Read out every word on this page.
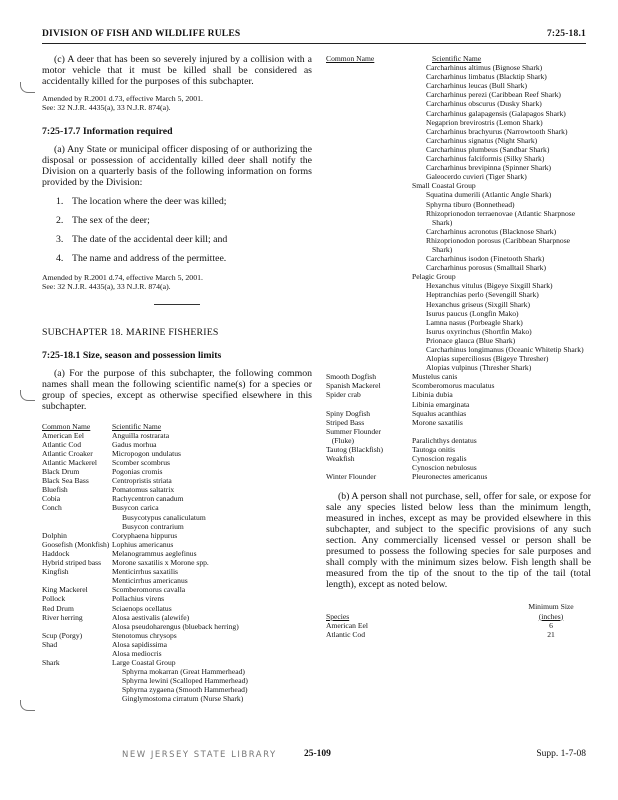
DIVISION OF FISH AND WILDLIFE RULES	7:25-18.1

(c) A deer that has been so severely injured by a collision with a motor vehicle that it must be killed shall be considered as accidentally killed for the purposes of this subchapter.

Amended by R.2001 d.73, effective March 5, 2001.
See: 32 N.J.R. 4435(a), 33 N.J.R. 874(a).
7:25-17.7 Information required

(a) Any State or municipal officer disposing of or authorizing the disposal or possession of accidentally killed deer shall notify the Division on a quarterly basis of the following information on forms provided by the Division:

1. The location where the deer was killed;
2. The sex of the deer;
3. The date of the accidental deer kill; and
4. The name and address of the permittee.
Amended by R.2001 d.74, effective March 5, 2001.
See: 32 N.J.R. 4435(a), 33 N.J.R. 874(a).
SUBCHAPTER 18. MARINE FISHERIES
7:25-18.1 Size, season and possession limits

(a) For the purpose of this subchapter, the following common names shall mean the following scientific name(s) for a species or group of species, except as otherwise specified elsewhere in this subchapter.

Common Name	Scientific Name
American Eel	Anguilla rostrarata
Atlantic Cod	Gadus morhua
Atlantic Croaker	Micropogon undulatus
Atlantic Mackerel	Scomber scombrus
Black Drum	Pogonias cromis
Black Sea Bass	Centropristis striata
Bluefish	Pomatomus saltatrix
Cobia	Rachycentron canadum
Conch	Busycon carica
Busycotypus canaliculatum
Busycon contrarium
Dolphin	Coryphaena hippurus
Goosefish (Monkfish) Lophius americanus
Haddock	Melanogrammus aeglefinus
Hybrid striped bass	Morone saxatilis x Morone spp.
Kingfish	Menticirrhus saxatilis
Menticirrhus americanus
King Mackerel	Scomberomorus cavalla
Pollock	Pollachius virens
Red Drum	Sciaenops ocellatus
River herring	Alosa aestivalis (alewife)
Alosa pseudoharengus (blueback herring)
Scup (Porgy)	Stenotomus chrysops
Shad	Alosa sapidissima
Alosa mediocris
Shark	Large Coastal Group
Sphyrna mokarran (Great Hammerhead)
Sphyrna lewini (Scalloped Hammerhead)
Sphyrna zygaena (Smooth Hammerhead)
Ginglymostoma cirratum (Nurse Shark)
Common Name	Scientific Name
Carcharhinus altimus (Bignose Shark)
Carcharhinus limbatus (Blacktip Shark)
Carcharhinus leucas (Bull Shark)
Carcharhinus perezi (Caribbean Reef Shark)
Carcharhinus obscurus (Dusky Shark)
Carcharhinus galapagensis (Galapagos Shark)
Negaprion brevirostris (Lemon Shark)
Carcharhinus brachyurus (Narrowtooth Shark)
Carcharhinus signatus (Night Shark)
Carcharhinus plumbeus (Sandbar Shark)
Carcharhinus falciformis (Silky Shark)
Carcharhinus brevipinna (Spinner Shark)
Galeocerdo cuvieri (Tiger Shark)
Small Coastal Group
Squatina dumerili (Atlantic Angle Shark)
Sphyrna tiburo (Bonnethead)
Rhizoprionodon terraenovae (Atlantic Sharpnose Shark)
Carcharhinus acronotus (Blacknose Shark)
Rhizoprionodon porosus (Caribbean Sharpnose Shark)
Carcharhinus isodon (Finetooth Shark)
Carcharhinus porosus (Smalltail Shark)
Pelagic Group
Hexanchus vitulus (Bigeye Sixgill Shark)
Heptranchias perlo (Sevengill Shark)
Hexanchus griseus (Sixgill Shark)
Isurus paucus (Longfin Mako)
Lamna nasus (Porbeagle Shark)
Isurus oxyrinchus (Shortfin Mako)
Prionace glauca (Blue Shark)
Carcharhinus longimanus (Oceanic Whitetip Shark)
Alopias superciliosus (Bigeye Thresher)
Alopias vulpinus (Thresher Shark)
Smooth Dogfish	Mustelus canis
Spanish Mackerel	Scomberomorus maculatus
Spider crab	Libinia dubia
Libinia emarginata
Spiny Dogfish	Squalus acanthias
Striped Bass	Morone saxatilis
Summer Flounder
(Fluke)	Paralichthys dentatus
Tautog (Blackfish)	Tautoga onitis
Weakfish	Cynoscion regalis
Cynoscion nebulosus
Winter Flounder	Pleuronectes americanus

(b) A person shall not purchase, sell, offer for sale, or expose for sale any species listed below less than the minimum length, measured in inches, except as may be provided elsewhere in this subchapter, and subject to the specific provisions of any such section. Any commercially licensed vessel or person shall be presumed to possess the following species for sale purposes and shall comply with the minimum sizes below. Fish length shall be measured from the tip of the snout to the tip of the tail (total length), except as noted below.

Minimum Size
Species	(inches)
American Eel	6
Atlantic Cod	21
NEW JERSEY STATE LIBRARY	25-109	Supp. 1-7-08
